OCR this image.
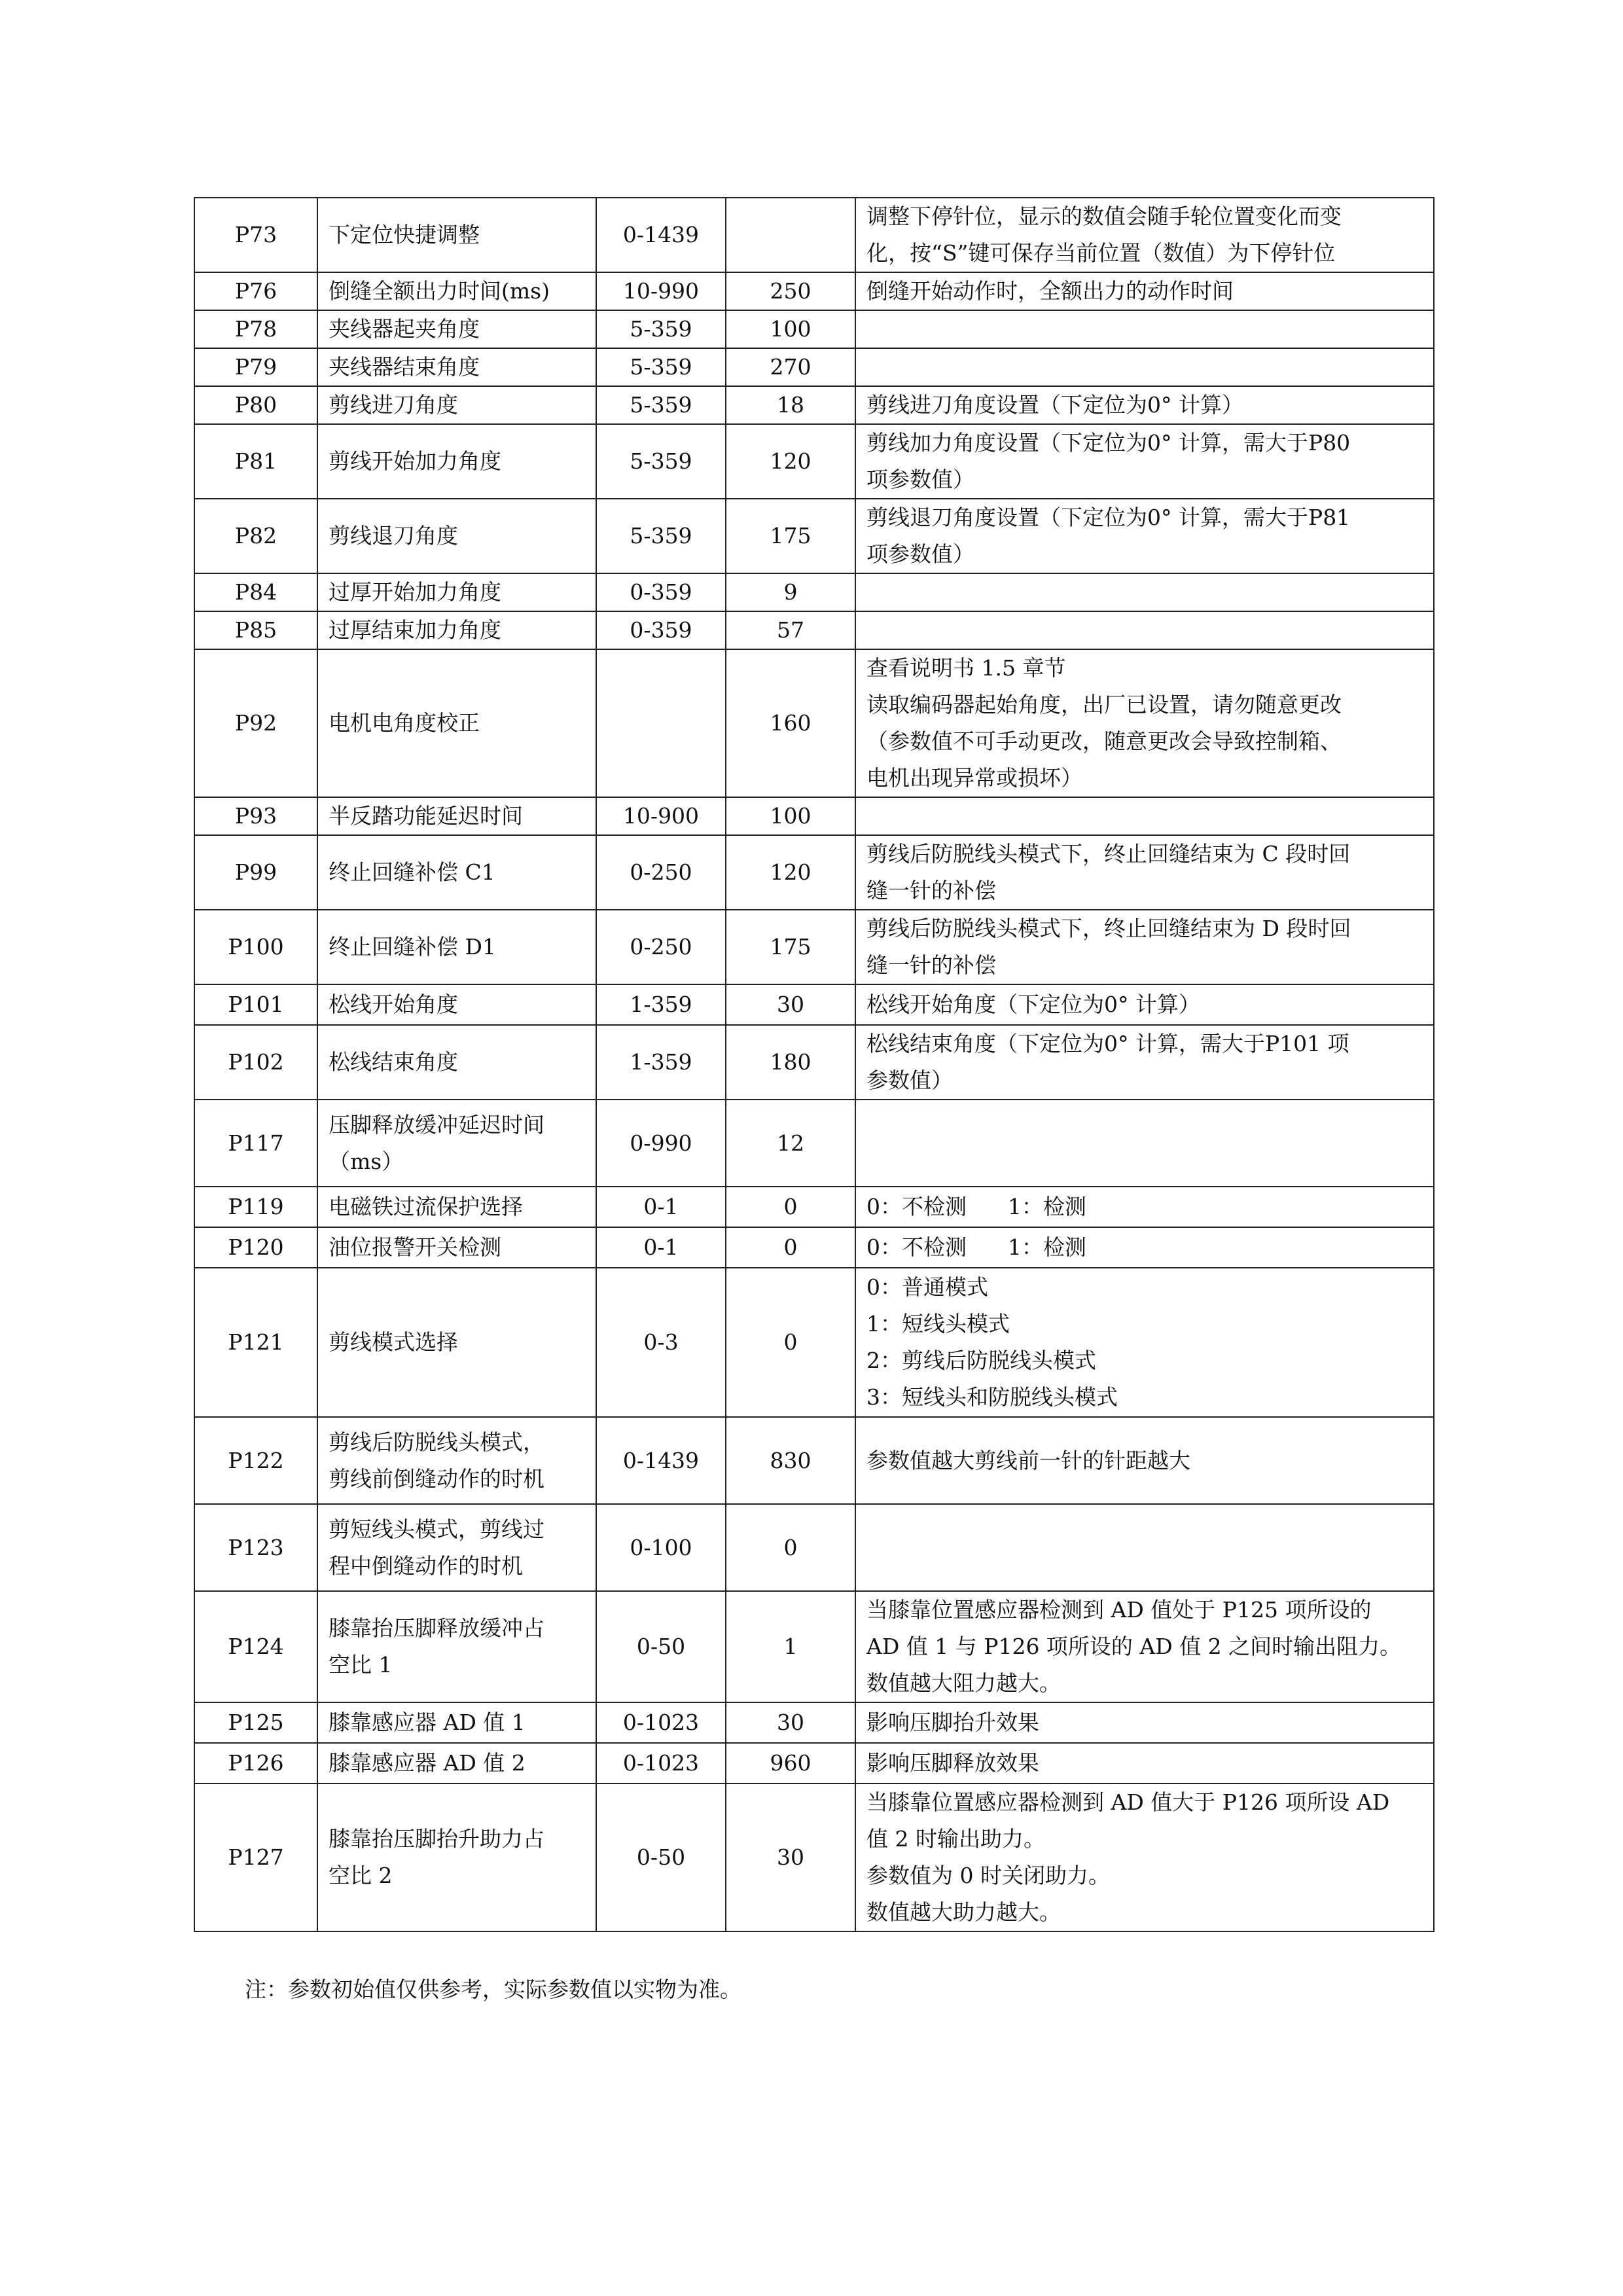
P73	下定位快捷调整	0-1439		调整下停针位，显示的数值会随手轮位置变化而变
化，按“S”键可保存当前位置（数值）为下停针位

P76	倒缝全额出力时间(ms)	10-990	250	倒缝开始动作时，全额出力的动作时间

P78	夹线器起夹角度	5-359	100	
P79	夹线器结束角度	5-359	270	
P80	剪线进刀角度	5-359	18	剪线进刀角度设置（下定位为0° 计算）

P81	剪线开始加力角度	5-359	120	剪线加力角度设置（下定位为0° 计算，需大于P80
项参数值）

P82	剪线退刀角度	5-359	175	剪线退刀角度设置（下定位为0° 计算，需大于P81
项参数值）

P84	过厚开始加力角度	0-359	9	
P85	过厚结束加力角度	0-359	57	
P92	电机电角度校正		160	查看说明书 1.5 章节
读取编码器起始角度，出厂已设置，请勿随意更改
（参数值不可手动更改，随意更改会导致控制箱、
电机出现异常或损坏）

P93	半反踏功能延迟时间	10-900	100	
P99	终止回缝补偿 C1	0-250	120	剪线后防脱线头模式下，终止回缝结束为 C 段时回
缝一针的补偿

P100	终止回缝补偿 D1	0-250	175	剪线后防脱线头模式下，终止回缝结束为 D 段时回
缝一针的补偿

P101	松线开始角度	1-359	30	松线开始角度（下定位为0° 计算）

P102	松线结束角度	1-359	180	松线结束角度（下定位为0° 计算，需大于P101 项
参数值）

P117	压脚释放缓冲延迟时间
（ms）	0-990	12	
P119	电磁铁过流保护选择	0-1	0	0：不检测      1：检测

P120	油位报警开关检测	0-1	0	0：不检测      1：检测

P121	剪线模式选择	0-3	0	0：普通模式
1：短线头模式
2：剪线后防脱线头模式
3：短线头和防脱线头模式

P122	剪线后防脱线头模式，
剪线前倒缝动作的时机	0-1439	830	参数值越大剪线前一针的针距越大

P123	剪短线头模式，剪线过
程中倒缝动作的时机	0-100	0	
P124	膝靠抬压脚释放缓冲占
空比 1	0-50	1	当膝靠位置感应器检测到 AD 值处于 P125 项所设的
AD 值 1 与 P126 项所设的 AD 值 2 之间时输出阻力。
数值越大阻力越大。

P125	膝靠感应器 AD 值 1	0-1023	30	影响压脚抬升效果

P126	膝靠感应器 AD 值 2	0-1023	960	影响压脚释放效果

P127	膝靠抬压脚抬升助力占
空比 2	0-50	30	当膝靠位置感应器检测到 AD 值大于 P126 项所设 AD
值 2 时输出助力。
参数值为 0 时关闭助力。
数值越大助力越大。
注：参数初始值仅供参考，实际参数值以实物为准。
